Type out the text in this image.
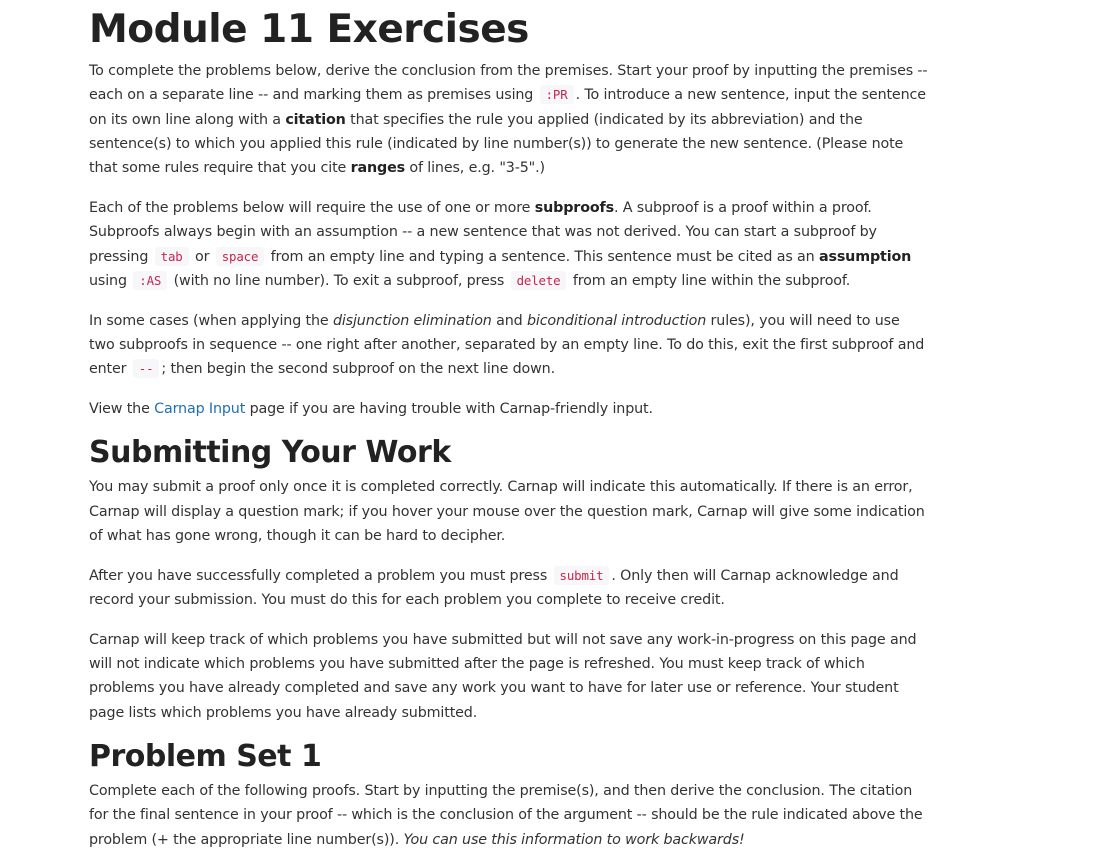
Module 11 Exercises

To complete the problems below, derive the conclusion from the premises. Start your proof by inputting the premises -- each on a separate line -- and marking them as premises using :PR . To introduce a new sentence, input the sentence on its own line along with a citation that specifies the rule you applied (indicated by its abbreviation) and the sentence(s) to which you applied this rule (indicated by line number(s)) to generate the new sentence. (Please note that some rules require that you cite ranges of lines, e.g. "3-5".)

Each of the problems below will require the use of one or more subproofs. A subproof is a proof within a proof. Subproofs always begin with an assumption -- a new sentence that was not derived. You can start a subproof by pressing tab or space from an empty line and typing a sentence. This sentence must be cited as an assumption using :AS (with no line number). To exit a subproof, press delete from an empty line within the subproof.

In some cases (when applying the disjunction elimination and biconditional introduction rules), you will need to use two subproofs in sequence -- one right after another, separated by an empty line. To do this, exit the first subproof and enter -- ; then begin the second subproof on the next line down.

View the Carnap Input page if you are having trouble with Carnap-friendly input.

Submitting Your Work

You may submit a proof only once it is completed correctly. Carnap will indicate this automatically. If there is an error, Carnap will display a question mark; if you hover your mouse over the question mark, Carnap will give some indication of what has gone wrong, though it can be hard to decipher.

After you have successfully completed a problem you must press submit . Only then will Carnap acknowledge and record your submission. You must do this for each problem you complete to receive credit.

Carnap will keep track of which problems you have submitted but will not save any work-in-progress on this page and will not indicate which problems you have submitted after the page is refreshed. You must keep track of which problems you have already completed and save any work you want to have for later use or reference. Your student page lists which problems you have already submitted.

Problem Set 1

Complete each of the following proofs. Start by inputting the premise(s), and then derive the conclusion. The citation for the final sentence in your proof -- which is the conclusion of the argument -- should be the rule indicated above the problem (+ the appropriate line number(s)). You can use this information to work backwards!
